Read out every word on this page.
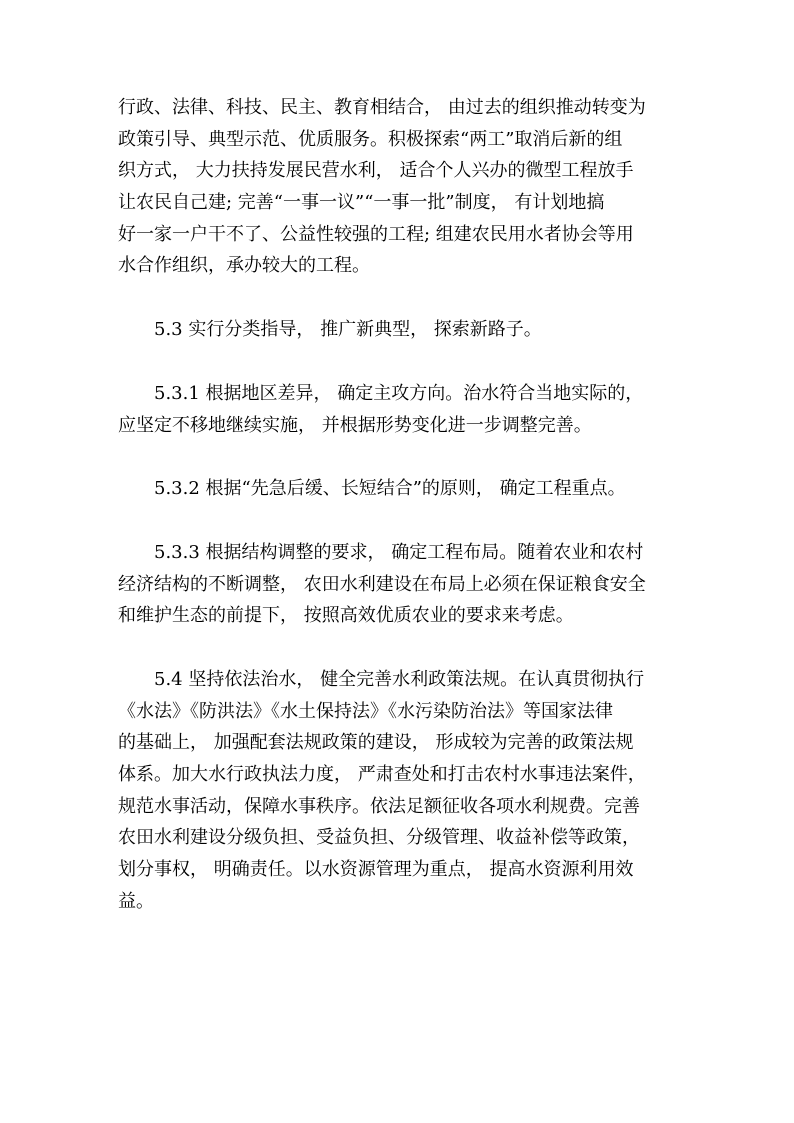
行政、法律、科技、民主、教育相结合， 由过去的组织推动转变为
政策引导、典型示范、优质服务。积极探索“两工”取消后新的组
织方式， 大力扶持发展民营水利， 适合个人兴办的微型工程放手
让农民自己建; 完善“一事一议”“一事一批”制度， 有计划地搞
好一家一户干不了、公益性较强的工程; 组建农民用水者协会等用
水合作组织，承办较大的工程。
5.3 实行分类指导， 推广新典型， 探索新路子。
5.3.1 根据地区差异， 确定主攻方向。治水符合当地实际的，
应坚定不移地继续实施， 并根据形势变化进一步调整完善。
5.3.2 根据“先急后缓、长短结合”的原则， 确定工程重点。
5.3.3 根据结构调整的要求， 确定工程布局。随着农业和农村
经济结构的不断调整， 农田水利建设在布局上必须在保证粮食安全
和维护生态的前提下， 按照高效优质农业的要求来考虑。
5.4 坚持依法治水， 健全完善水利政策法规。在认真贯彻执行
《水法》《防洪法》《水土保持法》《水污染防治法》等国家法律
的基础上， 加强配套法规政策的建设， 形成较为完善的政策法规
体系。加大水行政执法力度， 严肃查处和打击农村水事违法案件，
规范水事活动，保障水事秩序。依法足额征收各项水利规费。完善
农田水利建设分级负担、受益负担、分级管理、收益补偿等政策，
划分事权， 明确责任。以水资源管理为重点， 提高水资源利用效
益。
